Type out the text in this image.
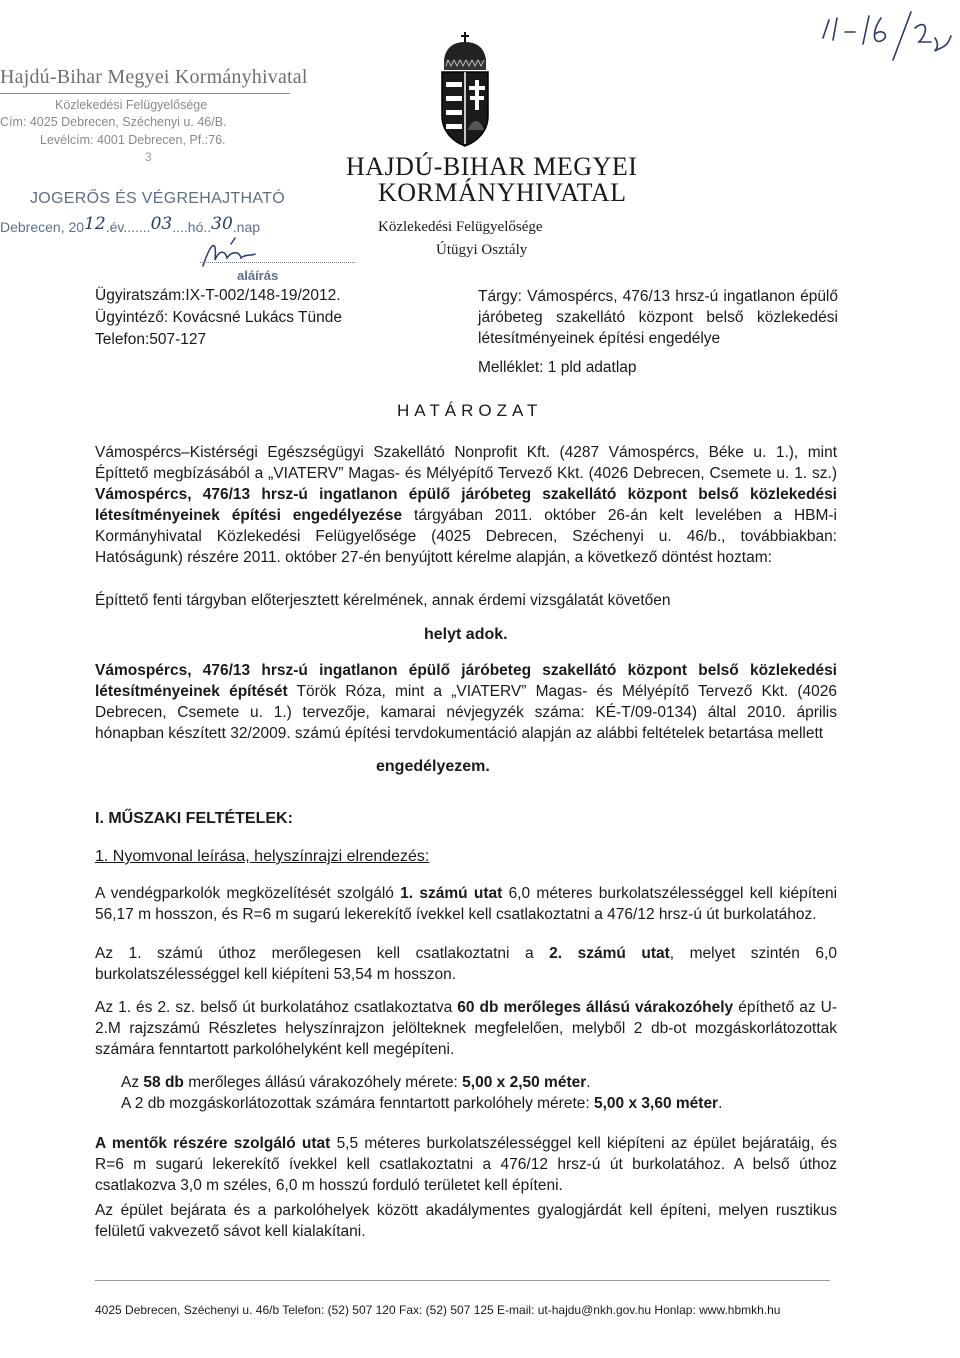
Hajdú-Bihar Megyei Kormányhivatal
Közlekedési Felügyelősége
Cím: 4025 Debrecen, Széchenyi u. 46/B.
Levélcím: 4001 Debrecen, Pf.:76.
3
JOGERŐS ÉS VÉGREHAJTHATÓ
Debrecen, 2012.év.......03....hó..30.nap
aláírás
Ügyiratszám:IX-T-002/148-19/2012.
Ügyintéző: Kovácsné Lukács Tünde
Telefon:507-127
HAJDÚ-BIHAR MEGYEI
KORMÁNYHIVATAL
Közlekedési Felügyelősége
Útügyi Osztály
Tárgy: Vámospércs, 476/13 hrsz-ú ingatlanon épülő járóbeteg szakellátó központ belső közlekedési létesítményeinek építési engedélye
Melléklet: 1 pld adatlap
HATÁROZAT
Vámospércs–Kistérségi Egészségügyi Szakellátó Nonprofit Kft. (4287 Vámospércs, Béke u. 1.), mint Építtető megbízásából a „VIATERV” Magas- és Mélyépítő Tervező Kkt. (4026 Debrecen, Csemete u. 1. sz.) Vámospércs, 476/13 hrsz-ú ingatlanon épülő járóbeteg szakellátó központ belső közlekedési létesítményeinek építési engedélyezése tárgyában 2011. október 26-án kelt levelében a HBM-i Kormányhivatal Közlekedési Felügyelősége (4025 Debrecen, Széchenyi u. 46/b., továbbiakban: Hatóságunk) részére 2011. október 27-én benyújtott kérelme alapján, a következő döntést hoztam:
Építtető fenti tárgyban előterjesztett kérelmének, annak érdemi vizsgálatát követően
helyt adok.
Vámospércs, 476/13 hrsz-ú ingatlanon épülő járóbeteg szakellátó központ belső közlekedési létesítményeinek építését Török Róza, mint a „VIATERV” Magas- és Mélyépítő Tervező Kkt. (4026 Debrecen, Csemete u. 1.) tervezője, kamarai névjegyzék száma: KÉ-T/09-0134) által 2010. április hónapban készített 32/2009. számú építési tervdokumentáció alapján az alábbi feltételek betartása mellett
engedélyezem.
I. MŰSZAKI FELTÉTELEK:
1. Nyomvonal leírása, helyszínrajzi elrendezés:
A vendégparkolók megközelítését szolgáló 1. számú utat 6,0 méteres burkolatszélességgel kell kiépíteni 56,17 m hosszon, és R=6 m sugarú lekerekítő ívekkel kell csatlakoztatni a 476/12 hrsz-ú út burkolatához.
Az 1. számú úthoz merőlegesen kell csatlakoztatni a 2. számú utat, melyet szintén 6,0 burkolatszélességgel kell kiépíteni 53,54 m hosszon.
Az 1. és 2. sz. belső út burkolatához csatlakoztatva 60 db merőleges állású várakozóhely építhető az U-2.M rajzszámú Részletes helyszínrajzon jelölteknek megfelelően, melyből 2 db-ot mozgáskorlátozottak számára fenntartott parkolóhelyként kell megépíteni.
Az 58 db merőleges állású várakozóhely mérete: 5,00 x 2,50 méter.
A 2 db mozgáskorlátozottak számára fenntartott parkolóhely mérete: 5,00 x 3,60 méter.
A mentők részére szolgáló utat 5,5 méteres burkolatszélességgel kell kiépíteni az épület bejáratáig, és R=6 m sugarú lekerekítő ívekkel kell csatlakoztatni a 476/12 hrsz-ú út burkolatához. A belső úthoz csatlakozva 3,0 m széles, 6,0 m hosszú forduló területet kell építeni.
Az épület bejárata és a parkolóhelyek között akadálymentes gyalogjárdát kell építeni, melyen rusztikus felületű vakvezető sávot kell kialakítani.
4025 Debrecen, Széchenyi u. 46/b Telefon: (52) 507 120 Fax: (52) 507 125 E-mail: ut-hajdu@nkh.gov.hu Honlap: www.hbmkh.hu
